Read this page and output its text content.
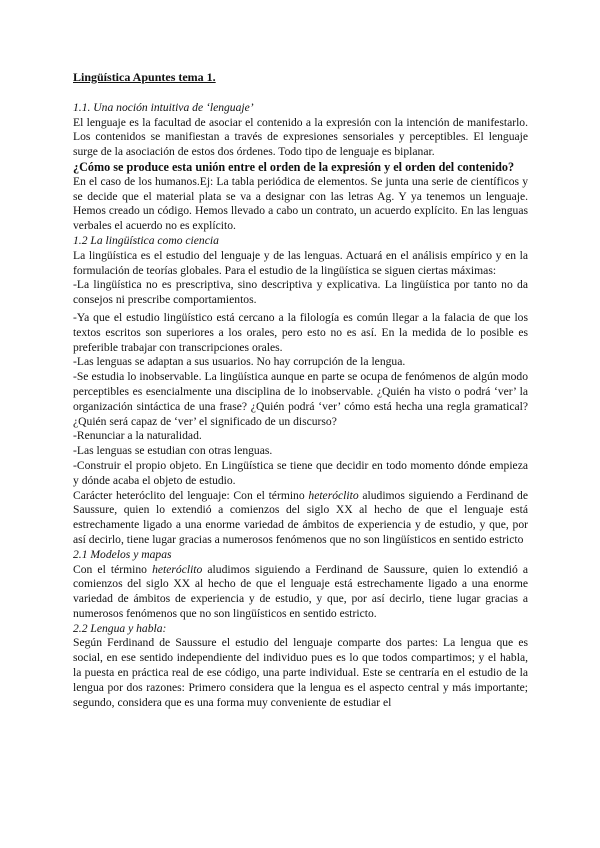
Lingüística Apuntes tema 1.
1.1. Una noción intuitiva de ‘lenguaje’

El lenguaje es la facultad de asociar el contenido a la expresión con la intención de manifestarlo. Los contenidos se manifiestan a través de expresiones sensoriales y perceptibles. El lenguaje surge de la asociación de estos dos órdenes. Todo tipo de lenguaje es biplanar.

¿Cómo se produce esta unión entre el orden de la expresión y el orden del contenido?

En el caso de los humanos.Ej: La tabla periódica de elementos. Se junta una serie de científicos y se decide que el material plata se va a designar con las letras Ag. Y ya tenemos un lenguaje. Hemos creado un código. Hemos llevado a cabo un contrato, un acuerdo explícito. En las lenguas verbales el acuerdo no es explícito.

1.2 La lingüística como ciencia

La lingüística es el estudio del lenguaje y de las lenguas. Actuará en el análisis empírico y en la formulación de teorías globales. Para el estudio de la lingüística se siguen ciertas máximas:

-La lingüística no es prescriptiva, sino descriptiva y explicativa. La lingüística por tanto no da consejos ni prescribe comportamientos.

-Ya que el estudio lingüístico está cercano a la filología es común llegar a la falacia de que los textos escritos son superiores a los orales, pero esto no es así. En la medida de lo posible es preferible trabajar con transcripciones orales.

-Las lenguas se adaptan a sus usuarios. No hay corrupción de la lengua.

-Se estudia lo inobservable. La lingüística aunque en parte se ocupa de fenómenos de algún modo perceptibles es esencialmente una disciplina de lo inobservable. ¿Quién ha visto o podrá ‘ver’ la organización sintáctica de una frase? ¿Quién podrá ‘ver’ cómo está hecha una regla gramatical? ¿Quién será capaz de ‘ver’ el significado de un discurso?

-Renunciar a la naturalidad.

-Las lenguas se estudian con otras lenguas.

-Construir el propio objeto. En Lingüística se tiene que decidir en todo momento dónde empieza y dónde acaba el objeto de estudio.

Carácter heteróclito del lenguaje: Con el término heteróclito aludimos siguiendo a Ferdinand de Saussure, quien lo extendió a comienzos del siglo XX al hecho de que el lenguaje está estrechamente ligado a una enorme variedad de ámbitos de experiencia y de estudio, y que, por así decirlo, tiene lugar gracias a numerosos fenómenos que no son lingüísticos en sentido estricto

2.1 Modelos y mapas

Con el término heteróclito aludimos siguiendo a Ferdinand de Saussure, quien lo extendió a comienzos del siglo XX al hecho de que el lenguaje está estrechamente ligado a una enorme variedad de ámbitos de experiencia y de estudio, y que, por así decirlo, tiene lugar gracias a numerosos fenómenos que no son lingüísticos en sentido estricto.

2.2 Lengua y habla:

Según Ferdinand de Saussure el estudio del lenguaje comparte dos partes: La lengua que es social, en ese sentido independiente del individuo pues es lo que todos compartimos; y el habla, la puesta en práctica real de ese código, una parte individual. Este se centraría en el estudio de la lengua por dos razones: Primero considera que la lengua es el aspecto central y más importante; segundo, considera que es una forma muy conveniente de estudiar el
